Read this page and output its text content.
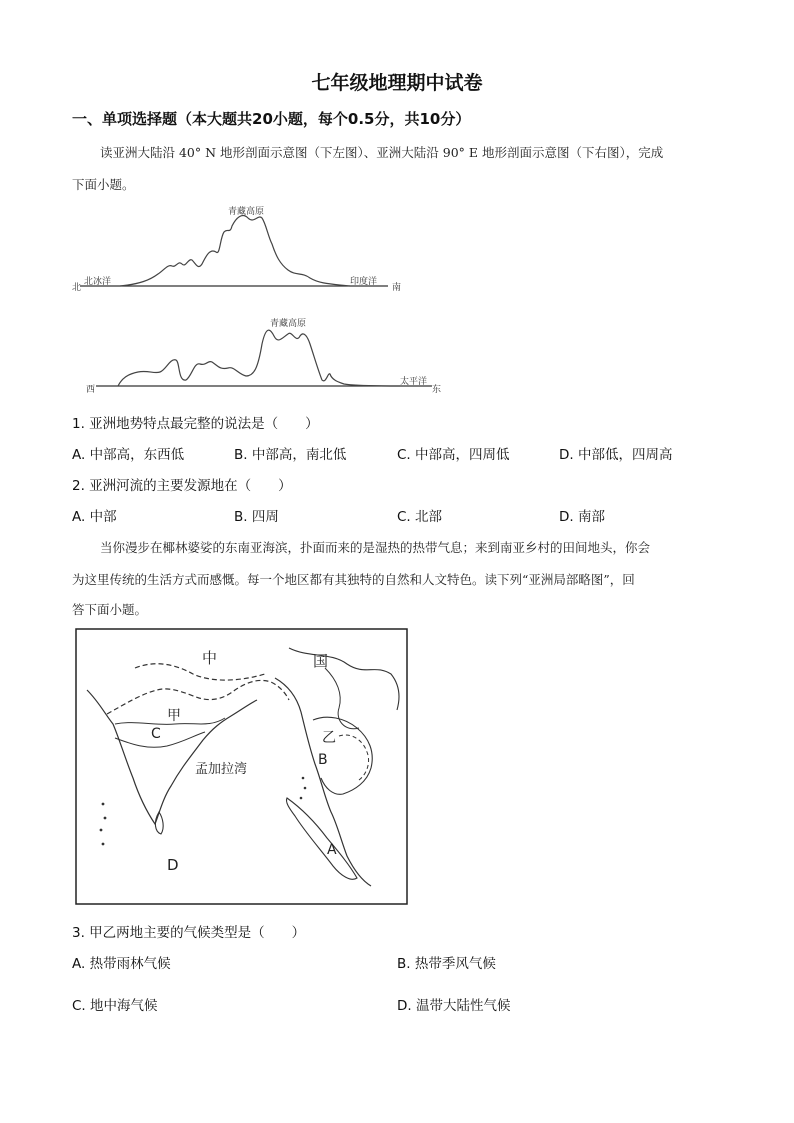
七年级地理期中试卷
一、单项选择题（本大题共20小题，每个0.5分，共10分）
读亚洲大陆沿 40° N 地形剖面示意图（下左图）、亚洲大陆沿 90° E 地形剖面示意图（下右图），完成
下面小题。
青藏高原
北冰洋
北
印度洋
南
青藏高原
西
太平洋
东
1. 亚洲地势特点最完整的说法是（　　）
A. 中部高，东西低	B. 中部高，南北低	C. 中部高，四周低	D. 中部低，四周高
2. 亚洲河流的主要发源地在（　　）
A. 中部	B. 四周	C. 北部	D. 南部
当你漫步在椰林婆娑的东南亚海滨，扑面而来的是湿热的热带气息；来到南亚乡村的田间地头，你会
为这里传统的生活方式而感慨。每一个地区都有其独特的自然和人文特色。读下列“亚洲局部略图”，回
答下面小题。
中	国
甲
乙
C
B
A
D
孟加拉湾
3. 甲乙两地主要的气候类型是（　　）
A. 热带雨林气候	B. 热带季风气候
C. 地中海气候	D. 温带大陆性气候
